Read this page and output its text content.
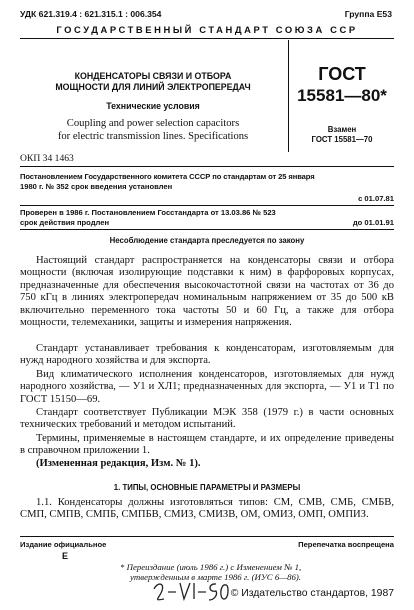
УДК 621.319.4 : 621.315.1 : 006.354	Группа Е53
ГОСУДАРСТВЕННЫЙ СТАНДАРТ СОЮЗА ССР
КОНДЕНСАТОРЫ СВЯЗИ И ОТБОРА
МОЩНОСТИ ДЛЯ ЛИНИЙ ЭЛЕКТРОПЕРЕДАЧ
Технические условия
Coupling and power selection capacitors
for electric transmission lines. Specifications
ГОСТ
15581—80*
Взамен
ГОСТ 15581—70
ОКП 34 1463
Постановлением Государственного комитета СССР по стандартам от 25 января
1980 г. № 352 срок введения установлен
с 01.07.81
Проверен в 1986 г. Постановлением Госстандарта от 13.03.86 № 523
срок действия продлен	до 01.01.91
Несоблюдение стандарта преследуется по закону
Настоящий стандарт распространяется на конденсаторы связи и отбора мощности (включая изолирующие подставки к ним) в фарфоровых корпусах, предназначенные для обеспечения высокочастотной связи на частотах от 36 до 750 кГц в линиях электропередач номинальным напряжением от 35 до 500 кВ включительно переменного тока частоты 50 и 60 Гц, а также для отбора мощности, телемеханики, защиты и измерения напряжения.
Стандарт устанавливает требования к конденсаторам, изготовляемым для нужд народного хозяйства и для экспорта.
Вид климатического исполнения конденсаторов, изготовляемых для нужд народного хозяйства, — У1 и ХЛ1; предназначенных для экспорта, — У1 и Т1 по ГОСТ 15150—69.
Стандарт соответствует Публикации МЭК 358 (1979 г.) в части основных технических требований и методом испытаний.
Термины, применяемые в настоящем стандарте, и их определение приведены в справочном приложении 1.
(Измененная редакция, Изм. № 1).
1. ТИПЫ, ОСНОВНЫЕ ПАРАМЕТРЫ И РАЗМЕРЫ
1.1. Конденсаторы должны изготовляться типов: СМ, СМВ, СМБ, СМБВ, СМП, СМПВ, СМПБ, СМПБВ, СМИЗ, СМИЗВ, ОМ, ОМИЗ, ОМП, ОМПИЗ.
Издание официальное	Перепечатка воспрещена
Е
* Переиздание (июль 1986 г.) с Изменением № 1,
утвержденным в марте 1986 г. (ИУС 6—86).
© Издательство стандартов, 1987
